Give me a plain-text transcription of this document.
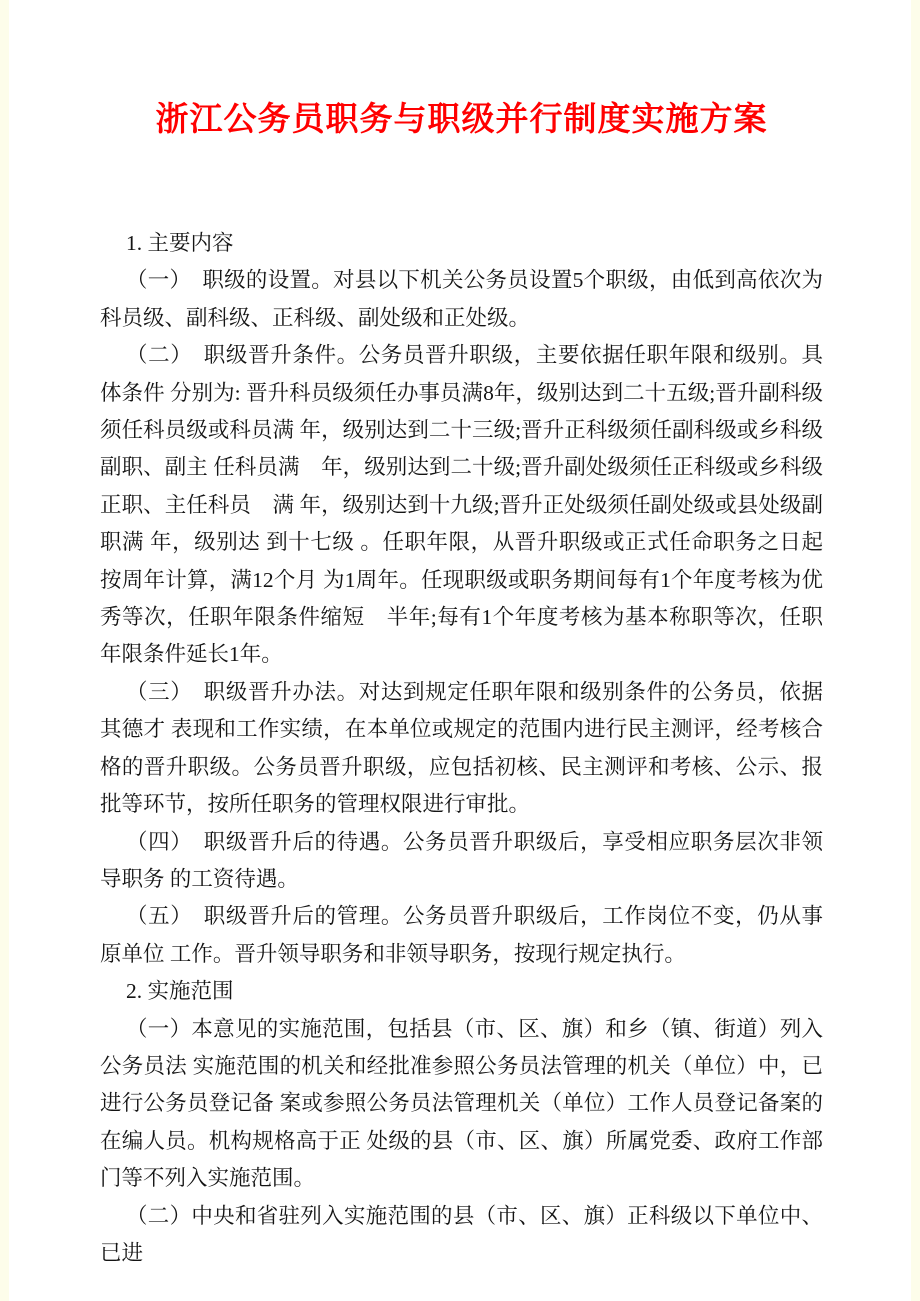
浙江公务员职务与职级并行制度实施方案

1. 主要内容

（一）　职级的设置。对县以下机关公务员设置5个职级，由低到高依次为科员级、副科级、正科级、副处级和正处级。

（二）　职级晋升条件。公务员晋升职级，主要依据任职年限和级别。具体条件 分别为: 晋升科员级须任办事员满8年，级别达到二十五级;晋升副科级须任科员级或科员满 年，级别达到二十三级;晋升正科级须任副科级或乡科级副职、副主 任科员满　年，级别达到二十级;晋升副处级须任正科级或乡科级正职、主任科员　满 年，级别达到十九级;晋升正处级须任副处级或县处级副职满 年，级别达 到十七级 。任职年限，从晋升职级或正式任命职务之日起按周年计算，满12个月 为1周年。任现职级或职务期间每有1个年度考核为优秀等次，任职年限条件缩短　半年;每有1个年度考核为基本称职等次，任职年限条件延长1年。

（三）　职级晋升办法。对达到规定任职年限和级别条件的公务员，依据其德才 表现和工作实绩，在本单位或规定的范围内进行民主测评，经考核合格的晋升职级。公务员晋升职级，应包括初核、民主测评和考核、公示、报批等环节，按所任职务的管理权限进行审批。

（四）　职级晋升后的待遇。公务员晋升职级后，享受相应职务层次非领导职务 的工资待遇。

（五）　职级晋升后的管理。公务员晋升职级后，工作岗位不变，仍从事原单位 工作。晋升领导职务和非领导职务，按现行规定执行。

2. 实施范围

（一）本意见的实施范围，包括县（市、区、旗）和乡（镇、街道）列入公务员法 实施范围的机关和经批准参照公务员法管理的机关（单位）中，已进行公务员登记备 案或参照公务员法管理机关（单位）工作人员登记备案的在编人员。机构规格高于正 处级的县（市、区、旗）所属党委、政府工作部门等不列入实施范围。

（二）中央和省驻列入实施范围的县（市、区、旗）正科级以下单位中、已进
